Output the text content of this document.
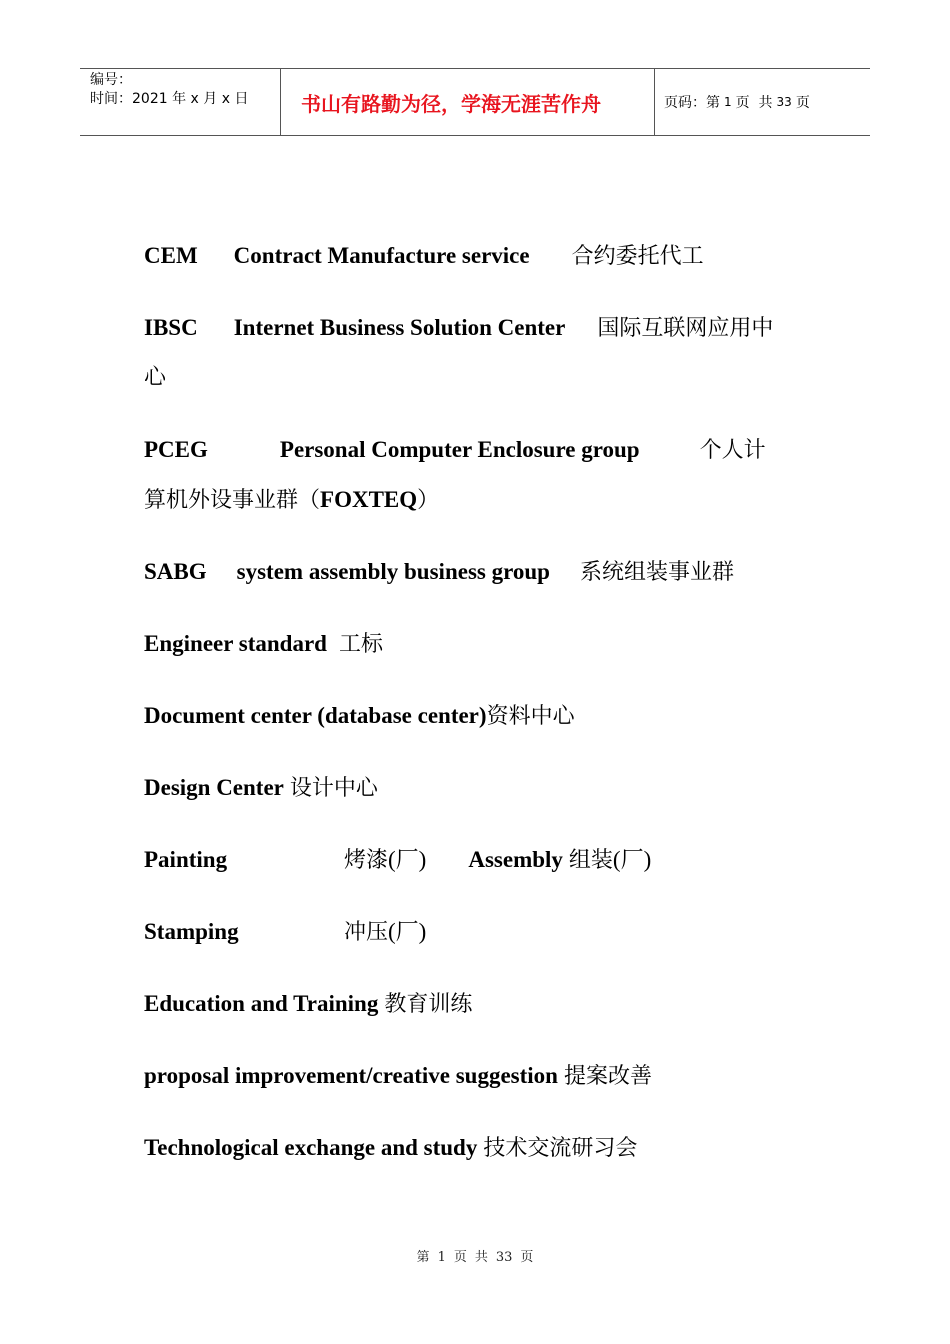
编号：
时间：2021 年 x 月 x 日	书山有路勤为径，学海无涯苦作舟	页码：第 1 页  共 33 页
CEM Contract Manufacture service 合约委托代工
IBSC Internet Business Solution Center 国际互联网应用中
心
PCEG	Personal Computer Enclosure group	个人计
算机外设事业群（FOXTEQ）
SABG system assembly business group 系统组装事业群
Engineer standard 工标
Document center (database center)资料中心
Design Center 设计中心
Painting	烤漆(厂) Assembly 组装(厂)
Stamping	冲压(厂)
Education and Training 教育训练
proposal improvement/creative suggestion 提案改善
Technological exchange and study 技术交流研习会
第 1 页 共 33 页
